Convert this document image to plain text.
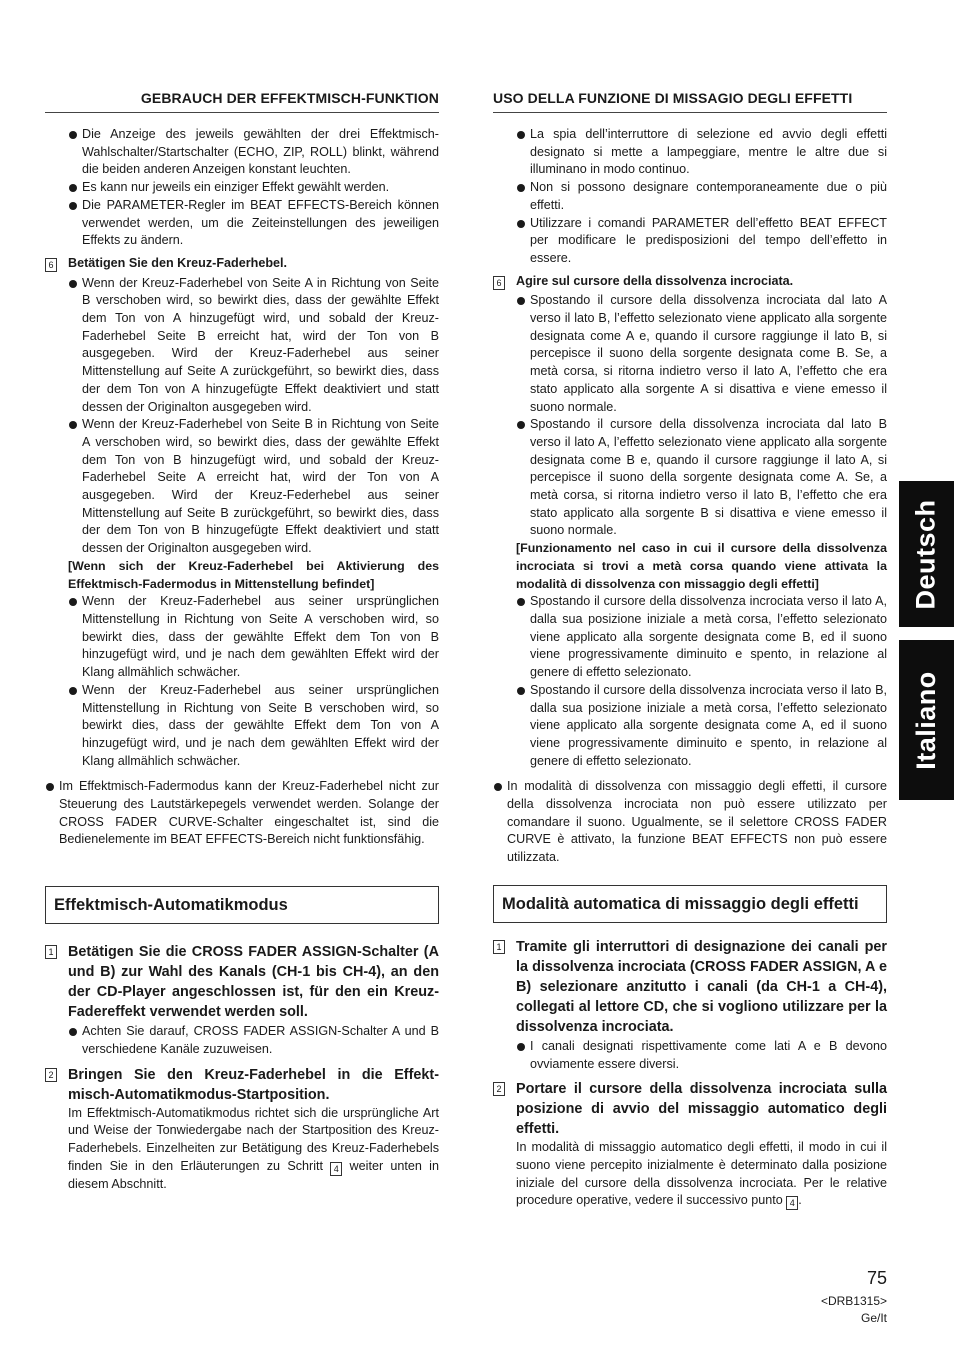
GEBRAUCH DER EFFEKTMISCH-FUNKTION
Die Anzeige des jeweils gewählten der drei Effektmisch-Wahlschalter/Startschalter (ECHO, ZIP, ROLL) blinkt, während die beiden anderen Anzeigen konstant leuchten.
Es kann nur jeweils ein einziger Effekt gewählt werden.
Die PARAMETER-Regler im BEAT EFFECTS-Bereich können verwendet werden, um die Zeiteinstellungen des jeweiligen Effekts zu ändern.
6 Betätigen Sie den Kreuz-Faderhebel.
Wenn der Kreuz-Faderhebel von Seite A in Richtung von Seite B verschoben wird, so bewirkt dies, dass der gewählte Effekt dem Ton von A hinzugefügt wird, und sobald der Kreuz-Faderhebel Seite B erreicht hat, wird der Ton von B ausgegeben. Wird der Kreuz-Faderhebel aus seiner Mittenstellung auf Seite A zurückgeführt, so bewirkt dies, dass der dem Ton von A hinzugefügte Effekt deaktiviert und statt dessen der Originalton ausgegeben wird.
Wenn der Kreuz-Faderhebel von Seite B in Richtung von Seite A verschoben wird, so bewirkt dies, dass der gewählte Effekt dem Ton von B hinzugefügt wird, und sobald der Kreuz-Faderhebel Seite A erreicht hat, wird der Ton von A ausgegeben. Wird der Kreuz-Federhebel aus seiner Mittenstellung auf Seite B zurückgeführt, so bewirkt dies, dass der dem Ton von B hinzugefügte Effekt deaktiviert und statt dessen der Originalton ausgegeben wird.
[Wenn sich der Kreuz-Faderhebel bei Aktivierung des Effektmisch-Fadermodus in Mittenstellung befindet]
Wenn der Kreuz-Faderhebel aus seiner ursprünglichen Mittenstellung in Richtung von Seite A verschoben wird, so bewirkt dies, dass der gewählte Effekt dem Ton von B hinzugefügt wird, und je nach dem gewählten Effekt wird der Klang allmählich schwächer.
Wenn der Kreuz-Faderhebel aus seiner ursprünglichen Mittenstellung in Richtung von Seite B verschoben wird, so bewirkt dies, dass der gewählte Effekt dem Ton von A hinzugefügt wird, und je nach dem gewählten Effekt wird der Klang allmählich schwächer.
Im Effektmisch-Fadermodus kann der Kreuz-Faderhebel nicht zur Steuerung des Lautstärkepegels verwendet werden. Solange der CROSS FADER CURVE-Schalter eingeschaltet ist, sind die Bedienelemente im BEAT EFFECTS-Bereich nicht funktionsfähig.
Effektmisch-Automatikmodus
1 Betätigen Sie die CROSS FADER ASSIGN-Schalter (A und B) zur Wahl des Kanals (CH-1 bis CH-4), an den der CD-Player angeschlossen ist, für den ein Kreuz-Fadereffekt verwendet werden soll.
Achten Sie darauf, CROSS FADER ASSIGN-Schalter A und B verschiedene Kanäle zuzuweisen.
2 Bringen Sie den Kreuz-Faderhebel in die Effekt-misch-Automatikmodus-Startposition.
Im Effektmisch-Automatikmodus richtet sich die ursprüngliche Art und Weise der Tonwiedergabe nach der Startposition des Kreuz-Faderhebels. Einzelheiten zur Betätigung des Kreuz-Faderhebels finden Sie in den Erläuterungen zu Schritt 4 weiter unten in diesem Abschnitt.
USO DELLA FUNZIONE DI MISSAGIO DEGLI EFFETTI
La spia dell’interruttore di selezione ed avvio degli effetti designato si mette a lampeggiare, mentre le altre due si illuminano in modo continuo.
Non si possono designare contemporaneamente due o più effetti.
Utilizzare i comandi PARAMETER dell’effetto BEAT EFFECT per modificare le predisposizioni del tempo dell’effetto in essere.
6 Agire sul cursore della dissolvenza incrociata.
Spostando il cursore della dissolvenza incrociata dal lato A verso il lato B, l’effetto selezionato viene applicato alla sorgente designata come A e, quando il cursore raggiunge il lato B, si percepisce il suono della sorgente designata come B. Se, a metà corsa, si ritorna indietro verso il lato A, l’effetto che era stato applicato alla sorgente A si disattiva e viene emesso il suono normale.
Spostando il cursore della dissolvenza incrociata dal lato B verso il lato A, l’effetto selezionato viene applicato alla sorgente designata come B e, quando il cursore raggiunge il lato A, si percepisce il suono della sorgente designata come A. Se, a metà corsa, si ritorna indietro verso il lato B, l’effetto che era stato applicato alla sorgente B si disattiva e viene emesso il suono normale.
[Funzionamento nel caso in cui il cursore della dissolvenza incrociata si trovi a metà corsa quando viene attivata la modalità di dissolvenza con missaggio degli effetti]
Spostando il cursore della dissolvenza incrociata verso il lato A, dalla sua posizione iniziale a metà corsa, l’effetto selezionato viene applicato alla sorgente designata come B, ed il suono viene progressivamente diminuito e spento, in relazione al genere di effetto selezionato.
Spostando il cursore della dissolvenza incrociata verso il lato B, dalla sua posizione iniziale a metà corsa, l’effetto selezionato viene applicato alla sorgente designata come A, ed il suono viene progressivamente diminuito e spento, in relazione al genere di effetto selezionato.
In modalità di dissolvenza con missaggio degli effetti, il cursore della dissolvenza incrociata non può essere utilizzato per comandare il suono. Ugualmente, se il selettore CROSS FADER CURVE è attivato, la funzione BEAT EFFECTS non può essere utilizzata.
Modalità automatica di missaggio degli effetti
1 Tramite gli interruttori di designazione dei canali per la dissolvenza incrociata (CROSS FADER ASSIGN, A e B) selezionare anzitutto i canali (da CH-1 a CH-4), collegati al lettore CD, che si vogliono utilizzare per la dissolvenza incrociata.
I canali designati rispettivamente come lati A e B devono ovviamente essere diversi.
2 Portare il cursore della dissolvenza incrociata sulla posizione di avvio del missaggio automatico degli effetti.
In modalità di missaggio automatico degli effetti, il modo in cui il suono viene percepito inizialmente è determinato dalla posizione iniziale del cursore della dissolvenza incrociata. Per le relative procedure operative, vedere il successivo punto 4 .
Deutsch
Italiano
75
<DRB1315>
Ge/It
